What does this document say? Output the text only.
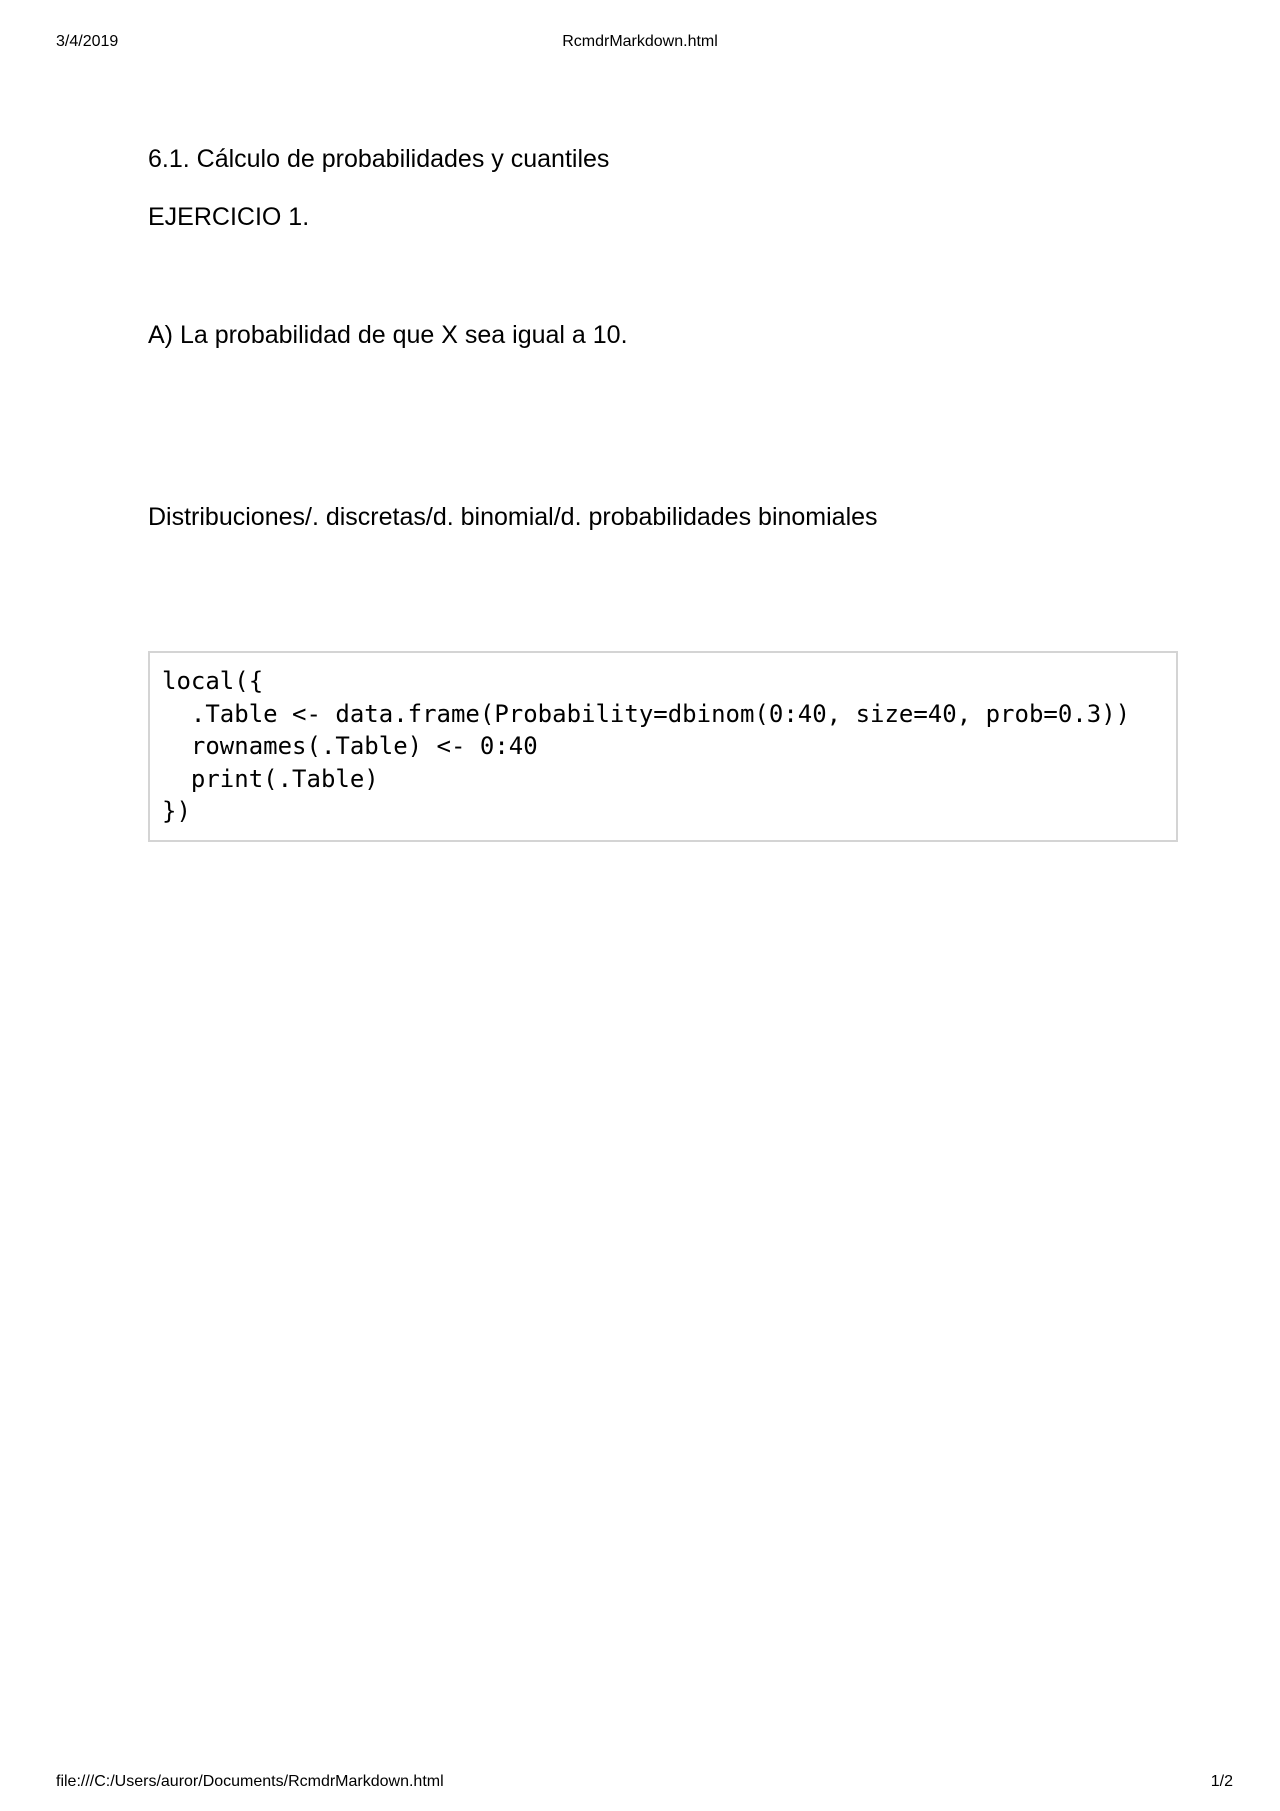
3/4/2019	RcmdrMarkdown.html
6.1. Cálculo de probabilidades y cuantiles
EJERCICIO 1.
A) La probabilidad de que X sea igual a 10.
Distribuciones/. discretas/d. binomial/d. probabilidades binomiales
local({
.Table <- data.frame(Probability=dbinom(0:40, size=40, prob=0.3))
rownames(.Table) <- 0:40
print(.Table)
})
file:///C:/Users/auror/Documents/RcmdrMarkdown.html	1/2
